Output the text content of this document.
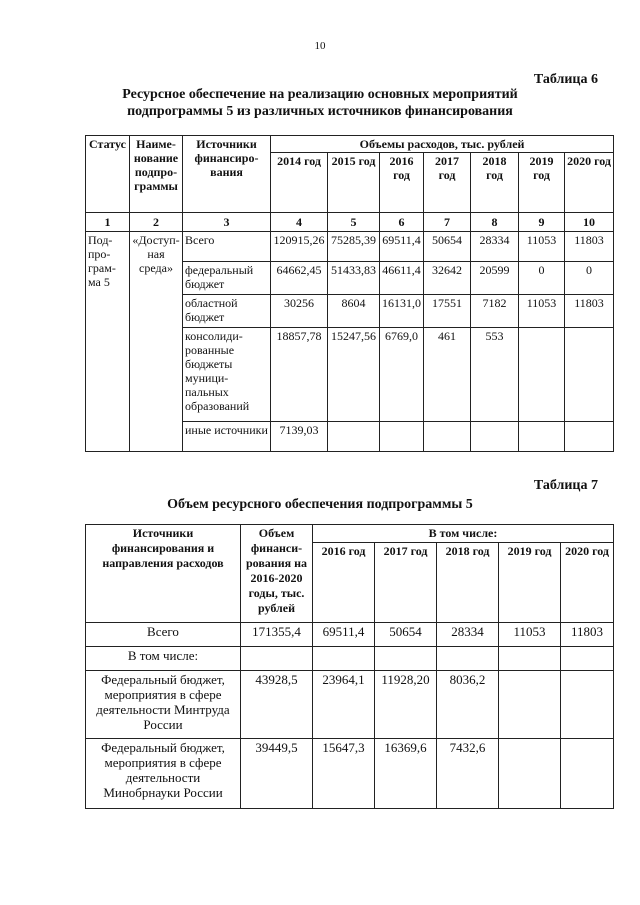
10
Таблица 6
Ресурсное обеспечение на реализацию основных мероприятий
подпрограммы 5 из различных источников финансирования
Статус	Наиме-нование подпро-граммы	Источники финансиро-вания	Объемы расходов, тыс. рублей						
			2014 год	2015 год	2016 год	2017 год	2018 год	2019 год	2020 год
1	2	3	4	5	6	7	8	9	10
Под-про-грам-ма 5	«Доступ-ная среда»	Всего	120915,26	75285,39	69511,4	50654	28334	11053	11803
		федеральный бюджет	64662,45	51433,83	46611,4	32642	20599	0	0
		областной бюджет	30256	8604	16131,0	17551	7182	11053	11803
		консолиди-рованные бюджеты муници-пальных образований	18857,78	15247,56	6769,0	461	553		
		иные источники	7139,03						
Таблица 7
Объем ресурсного обеспечения подпрограммы 5
Источники финансирования и направления расходов	Объем финанси-рования на 2016-2020 годы, тыс. рублей	В том числе:				
		2016 год	2017 год	2018 год	2019 год	2020 год
Всего	171355,4	69511,4	50654	28334	11053	11803
В том числе:						
Федеральный бюджет, мероприятия в сфере деятельности Минтруда России	43928,5	23964,1	11928,20	8036,2		
Федеральный бюджет, мероприятия в сфере деятельности Минобрнауки России	39449,5	15647,3	16369,6	7432,6		
